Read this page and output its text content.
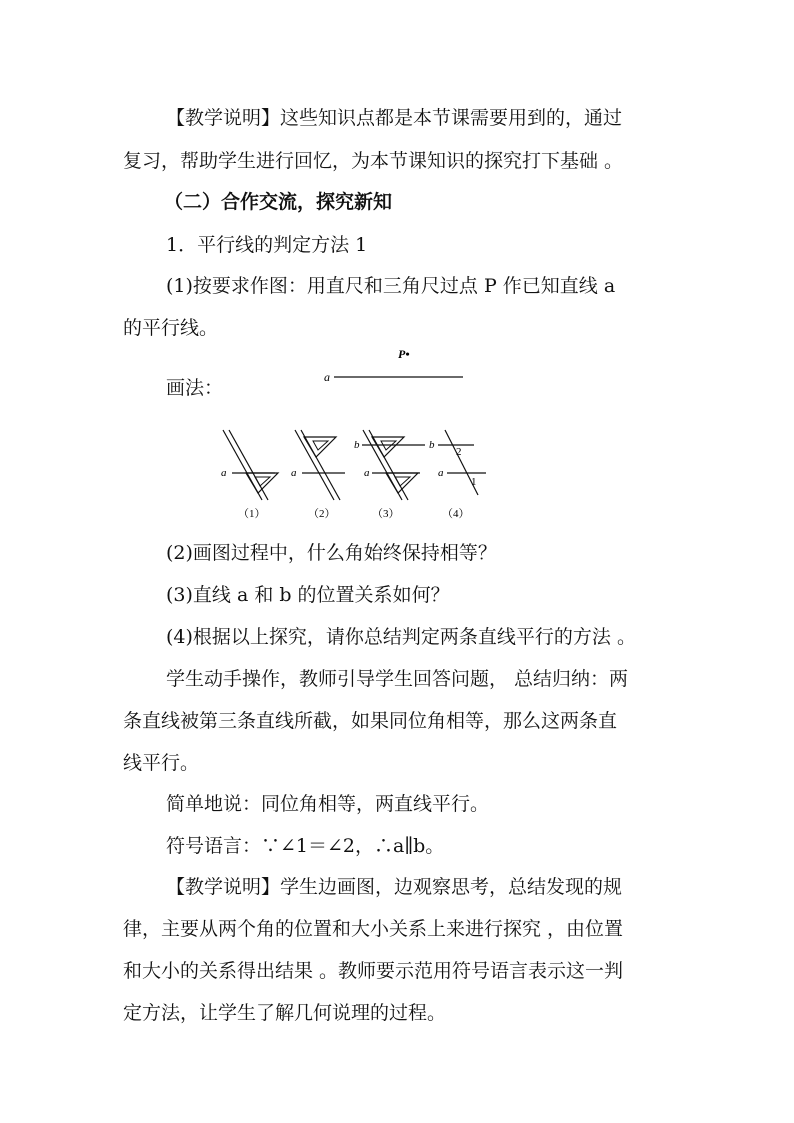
【教学说明】这些知识点都是本节课需要用到的，通过
复习，帮助学生进行回忆，为本节课知识的探究打下基础 。
（二）合作交流，探究新知
1．平行线的判定方法 1
(1)按要求作图：用直尺和三角尺过点 P 作已知直线 a
的平行线。
画法：	a
P•
a	a
b
a
b
a
2
1
（1）	（2）	（3）	（4）
(2)画图过程中，什么角始终保持相等？
(3)直线 a 和 b 的位置关系如何？
(4)根据以上探究，请你总结判定两条直线平行的方法 。
学生动手操作，教师引导学生回答问题， 总结归纳：两
条直线被第三条直线所截，如果同位角相等，那么这两条直
线平行。
简单地说：同位角相等，两直线平行。
符号语言：∵∠1＝∠2，∴a∥b。
【教学说明】学生边画图，边观察思考，总结发现的规
律，主要从两个角的位置和大小关系上来进行探究 ，由位置
和大小的关系得出结果 。教师要示范用符号语言表示这一判
定方法，让学生了解几何说理的过程。
